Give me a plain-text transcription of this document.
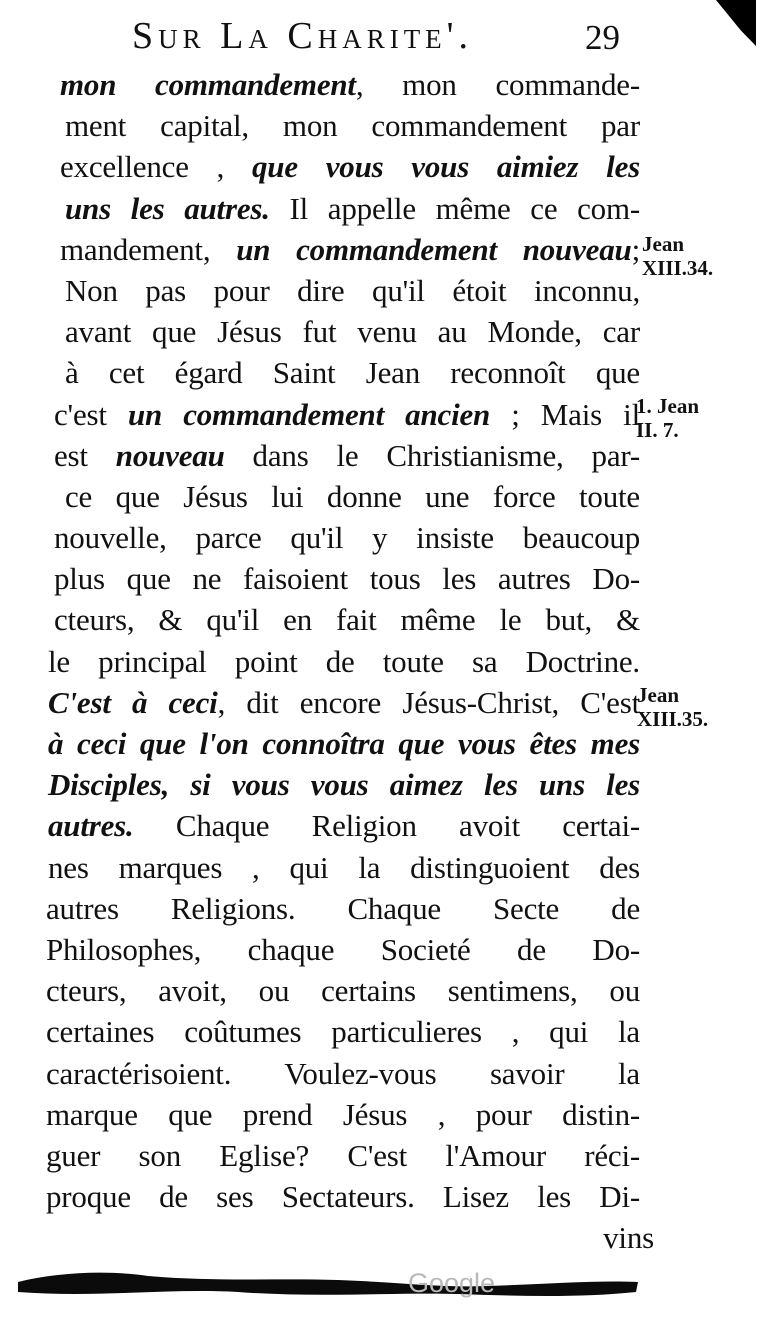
Sur La Charite'.	29
mon commandement, mon commande-
ment capital, mon commandement par
excellence , que vous vous aimiez les
uns les autres. Il appelle même ce com-
mandement, un commandement nouveau;
Non pas pour dire qu'il étoit inconnu,
avant que Jésus fut venu au Monde, car
à cet égard Saint Jean reconnoît que
c'est un commandement ancien ; Mais il
est nouveau dans le Christianisme, par-
ce que Jésus lui donne une force toute
nouvelle, parce qu'il y insiste beaucoup
plus que ne faisoient tous les autres Do-
cteurs, & qu'il en fait même le but, &
le principal point de toute sa Doctrine.
C'est à ceci, dit encore Jésus-Christ, C'est
à ceci que l'on connoîtra que vous êtes mes
Disciples, si vous vous aimez les uns les
autres. Chaque Religion avoit certai-
nes marques , qui la distinguoient des
autres Religions. Chaque Secte de
Philosophes, chaque Societé de Do-
cteurs, avoit, ou certains sentimens, ou
certaines coûtumes particulieres , qui la
caractérisoient. Voulez-vous savoir la
marque que prend Jésus , pour distin-
guer son Eglise? C'est l'Amour réci-
proque de ses Sectateurs. Lisez les Di-
vins
Jean
XIII.34.
1. Jean
II. 7.
Jean
XIII.35.
Google
